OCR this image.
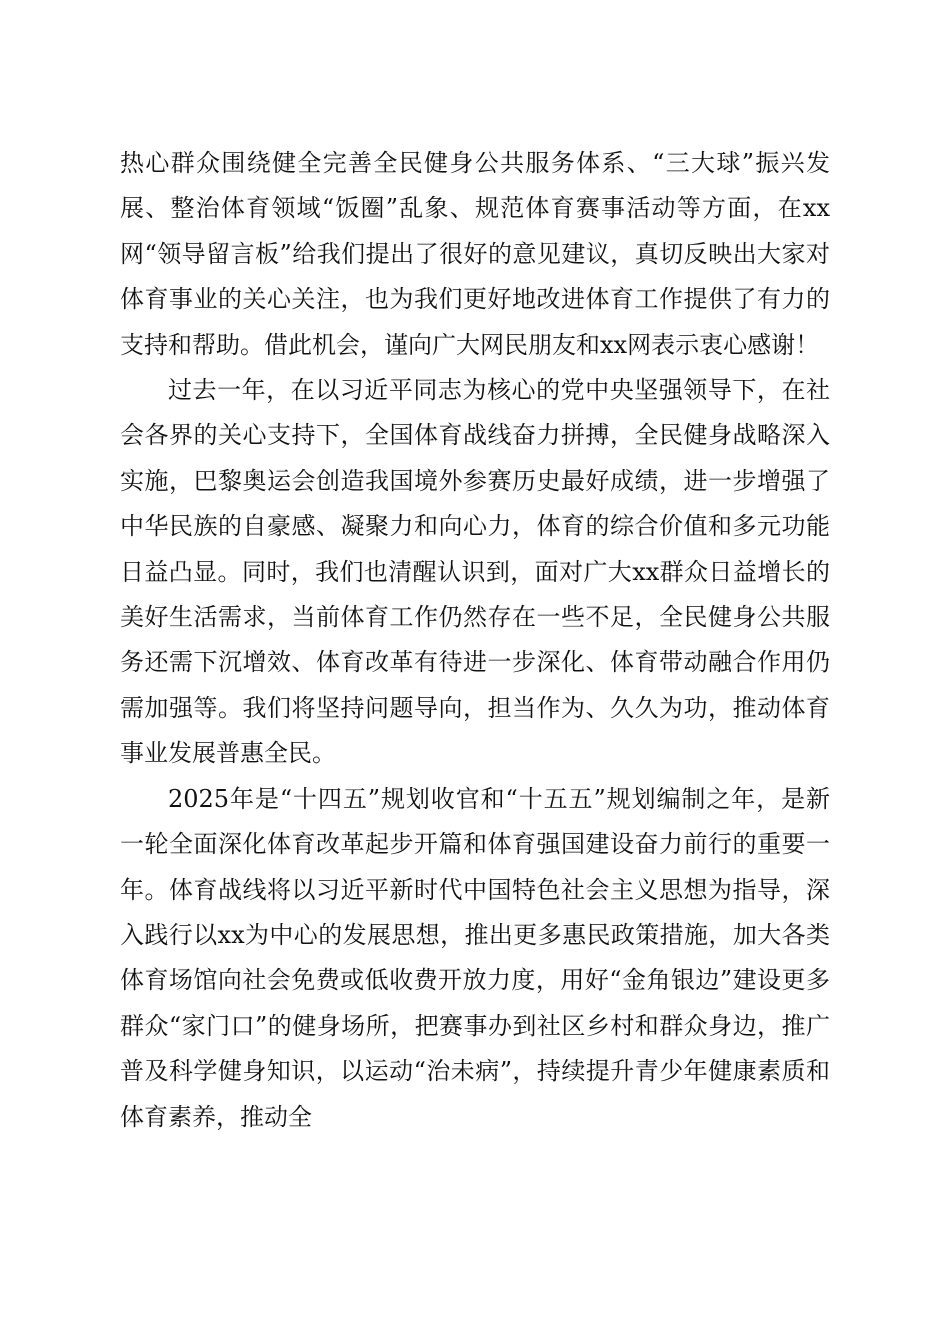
热心群众围绕健全完善全民健身公共服务体系、“三大球”振兴发展、整治体育领域“饭圈”乱象、规范体育赛事活动等方面，在xx网“领导留言板”给我们提出了很好的意见建议，真切反映出大家对体育事业的关心关注，也为我们更好地改进体育工作提供了有力的支持和帮助。借此机会，谨向广大网民朋友和xx网表示衷心感谢！

过去一年，在以习近平同志为核心的党中央坚强领导下，在社会各界的关心支持下，全国体育战线奋力拼搏，全民健身战略深入实施，巴黎奥运会创造我国境外参赛历史最好成绩，进一步增强了中华民族的自豪感、凝聚力和向心力，体育的综合价值和多元功能日益凸显。同时，我们也清醒认识到，面对广大xx群众日益增长的美好生活需求，当前体育工作仍然存在一些不足，全民健身公共服务还需下沉增效、体育改革有待进一步深化、体育带动融合作用仍需加强等。我们将坚持问题导向，担当作为、久久为功，推动体育事业发展普惠全民。

2025年是“十四五”规划收官和“十五五”规划编制之年，是新一轮全面深化体育改革起步开篇和体育强国建设奋力前行的重要一年。体育战线将以习近平新时代中国特色社会主义思想为指导，深入践行以xx为中心的发展思想，推出更多惠民政策措施，加大各类体育场馆向社会免费或低收费开放力度，用好“金角银边”建设更多群众“家门口”的健身场所，把赛事办到社区乡村和群众身边，推广普及科学健身知识，以运动“治未病”，持续提升青少年健康素质和体育素养，推动全
